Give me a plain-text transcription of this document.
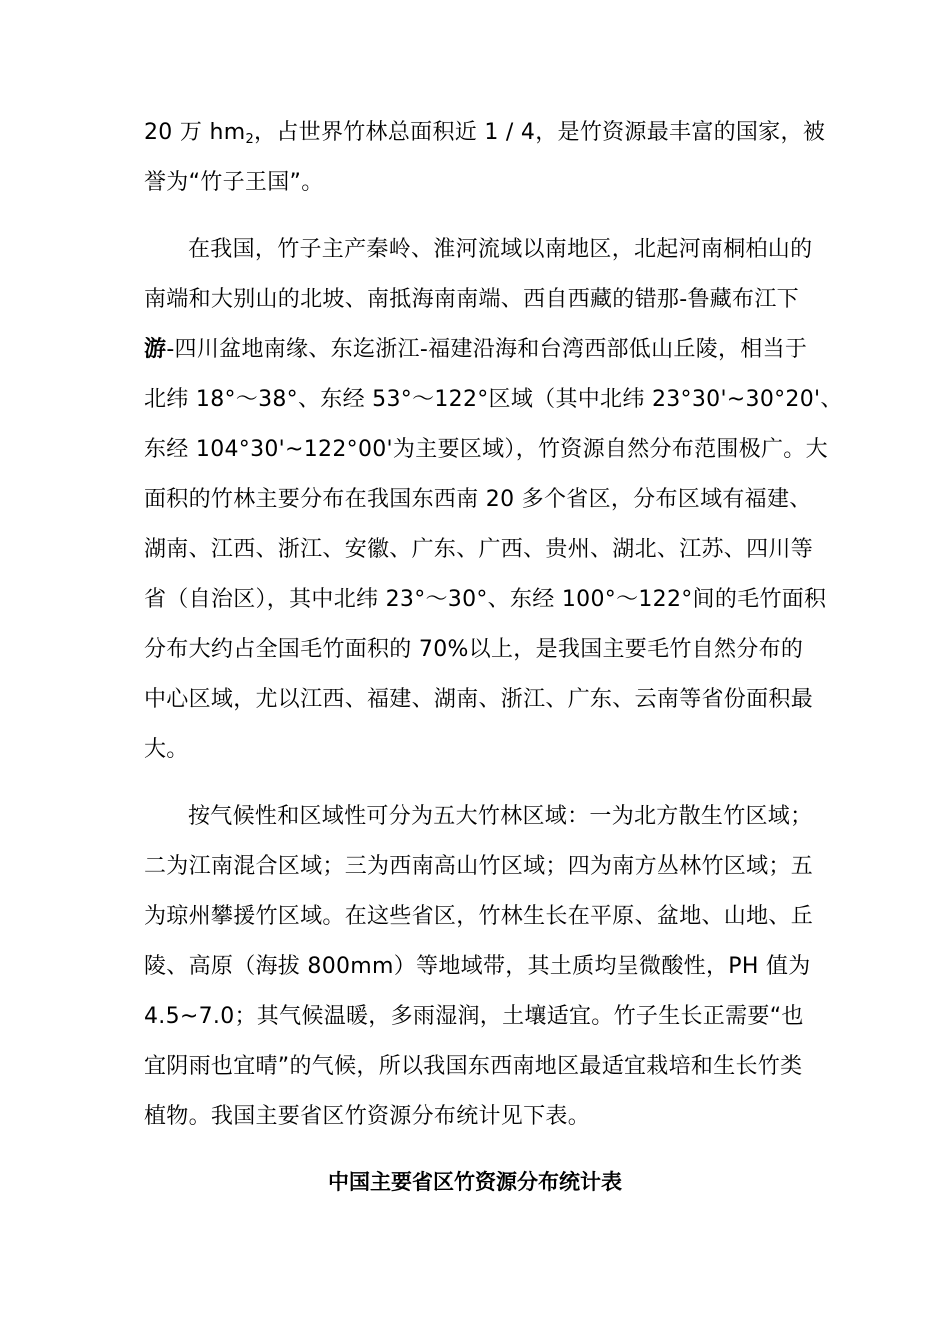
20 万 hm2，占世界竹林总面积近 1 / 4，是竹资源最丰富的国家，被
誉为“竹子王国”。
在我国，竹子主产秦岭、淮河流域以南地区，北起河南桐柏山的
南端和大别山的北坡、南抵海南南端、西自西藏的错那-鲁藏布江下
游-四川盆地南缘、东迄浙江-福建沿海和台湾西部低山丘陵，相当于
北纬 18°～38°、东经 53°～122°区域（其中北纬 23°30'~30°20'、
东经 104°30'~122°00'为主要区域），竹资源自然分布范围极广。大
面积的竹林主要分布在我国东西南 20 多个省区，分布区域有福建、
湖南、江西、浙江、安徽、广东、广西、贵州、湖北、江苏、四川等
省（自治区），其中北纬 23°～30°、东经 100°～122°间的毛竹面积
分布大约占全国毛竹面积的 70%以上，是我国主要毛竹自然分布的
中心区域，尤以江西、福建、湖南、浙江、广东、云南等省份面积最
大。
按气候性和区域性可分为五大竹林区域：一为北方散生竹区域；
二为江南混合区域；三为西南高山竹区域；四为南方丛林竹区域；五
为琼州攀援竹区域。在这些省区，竹林生长在平原、盆地、山地、丘
陵、高原（海拔 800mm）等地域带，其土质均呈微酸性，PH 值为
4.5~7.0；其气候温暖，多雨湿润，土壤适宜。竹子生长正需要“也
宜阴雨也宜晴”的气候，所以我国东西南地区最适宜栽培和生长竹类
植物。我国主要省区竹资源分布统计见下表。
中国主要省区竹资源分布统计表
